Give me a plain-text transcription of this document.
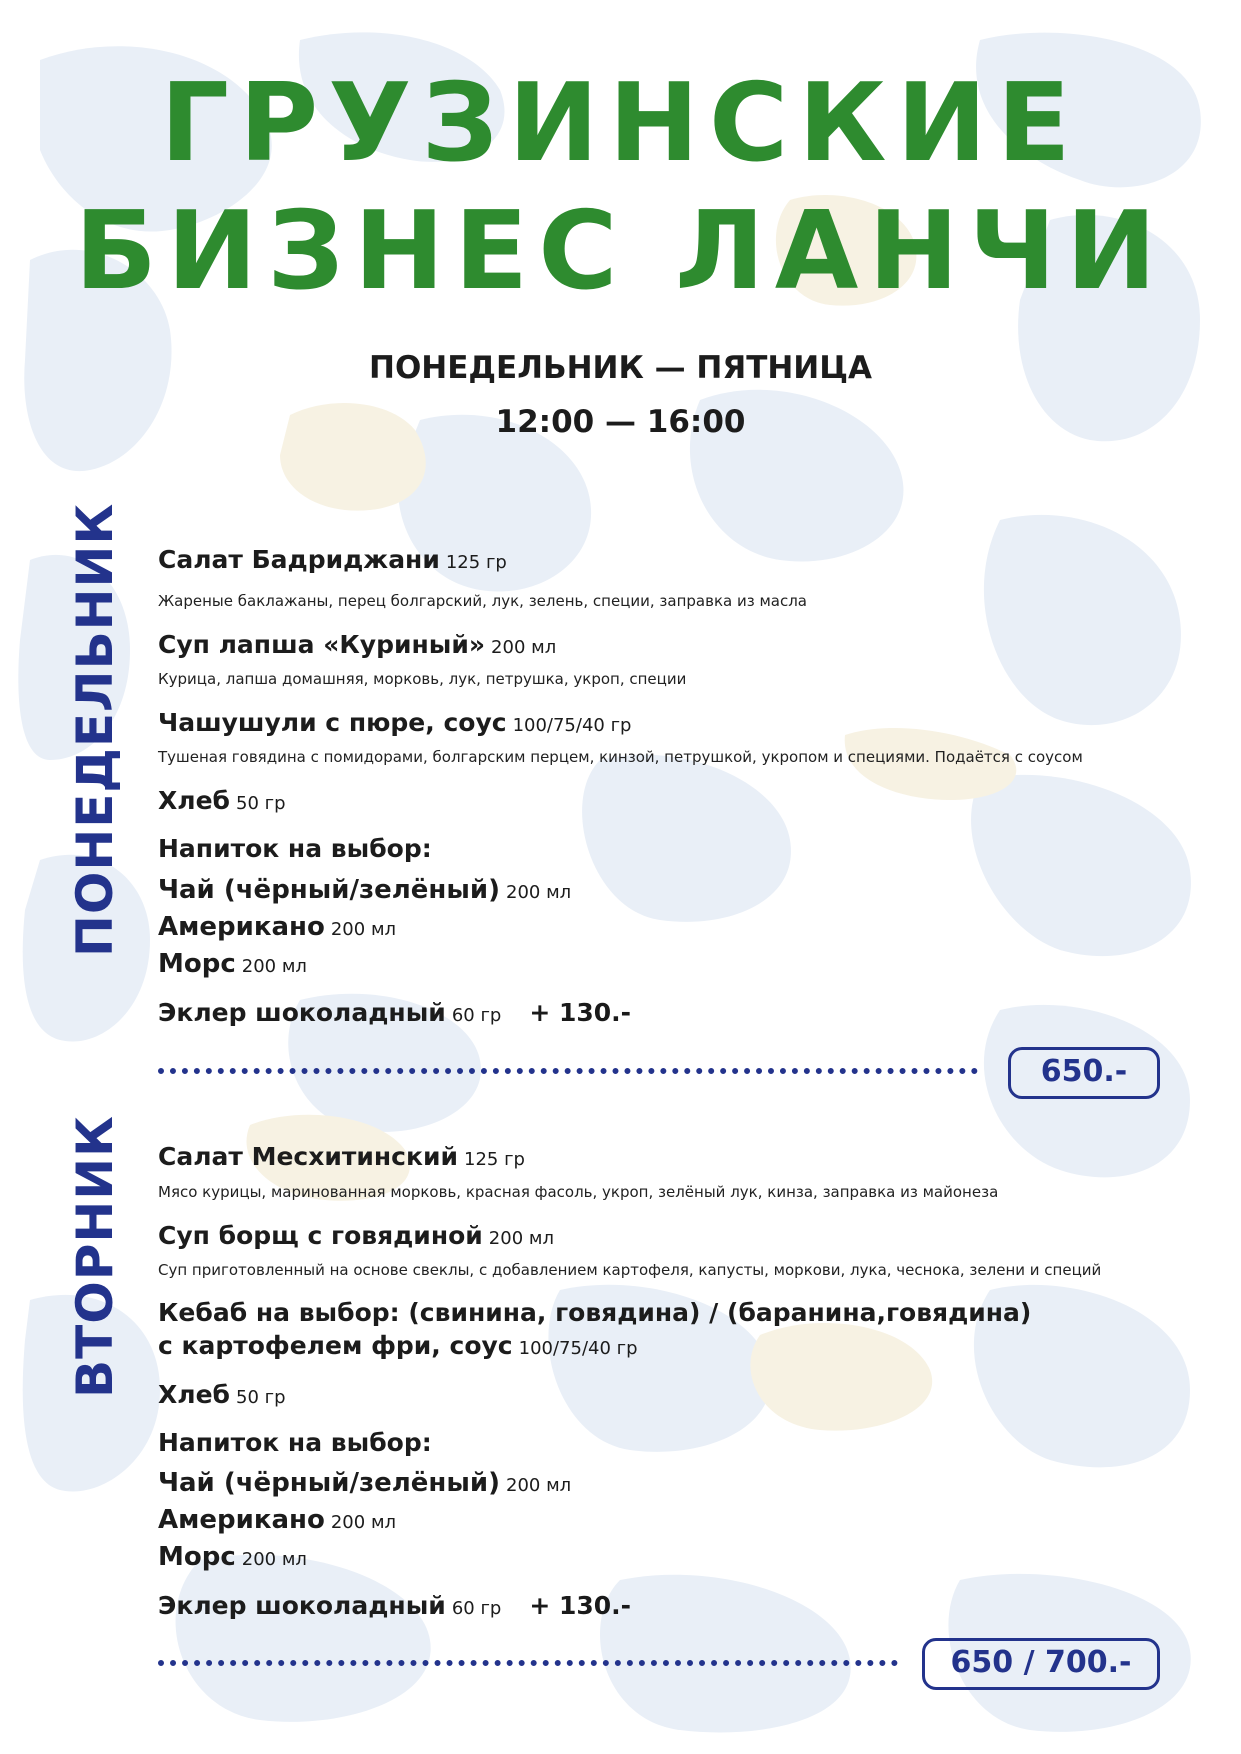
ГРУЗИНСКИЕ
БИЗНЕС ЛАНЧИ
ПОНЕДЕЛЬНИК — ПЯТНИЦА
12:00 — 16:00
ПОНЕДЕЛЬНИК Салат Бадриджани 125 гр
Жареные баклажаны, перец болгарский, лук, зелень, специи, заправка из масла
Суп лапша «Куриный» 200 мл
Курица, лапша домашняя, морковь, лук, петрушка, укроп, специи
Чашушули с пюре, соус 100/75/40 гр
Тушеная говядина с помидорами, болгарским перцем, кинзой, петрушкой, укропом и специями. Подаётся с соусом
Хлеб 50 гр
Напиток на выбор:
Чай (чёрный/зелёный) 200 мл
Американо 200 мл
Морс 200 мл
Эклер шоколадный 60 гр + 130.-
650.-
ВТОРНИК Салат Месхитинский 125 гр
Мясо курицы, маринованная морковь, красная фасоль, укроп, зелёный лук, кинза, заправка из майонеза
Суп борщ с говядиной 200 мл
Суп приготовленный на основе свеклы, с добавлением картофеля, капусты, моркови, лука, чеснока, зелени и специй
Кебаб на выбор: (свинина, говядина) / (баранина,говядина)
с картофелем фри, соус 100/75/40 гр
Хлеб 50 гр
Напиток на выбор:
Чай (чёрный/зелёный) 200 мл
Американо 200 мл
Морс 200 мл
Эклер шоколадный 60 гр + 130.-
650 / 700.-
